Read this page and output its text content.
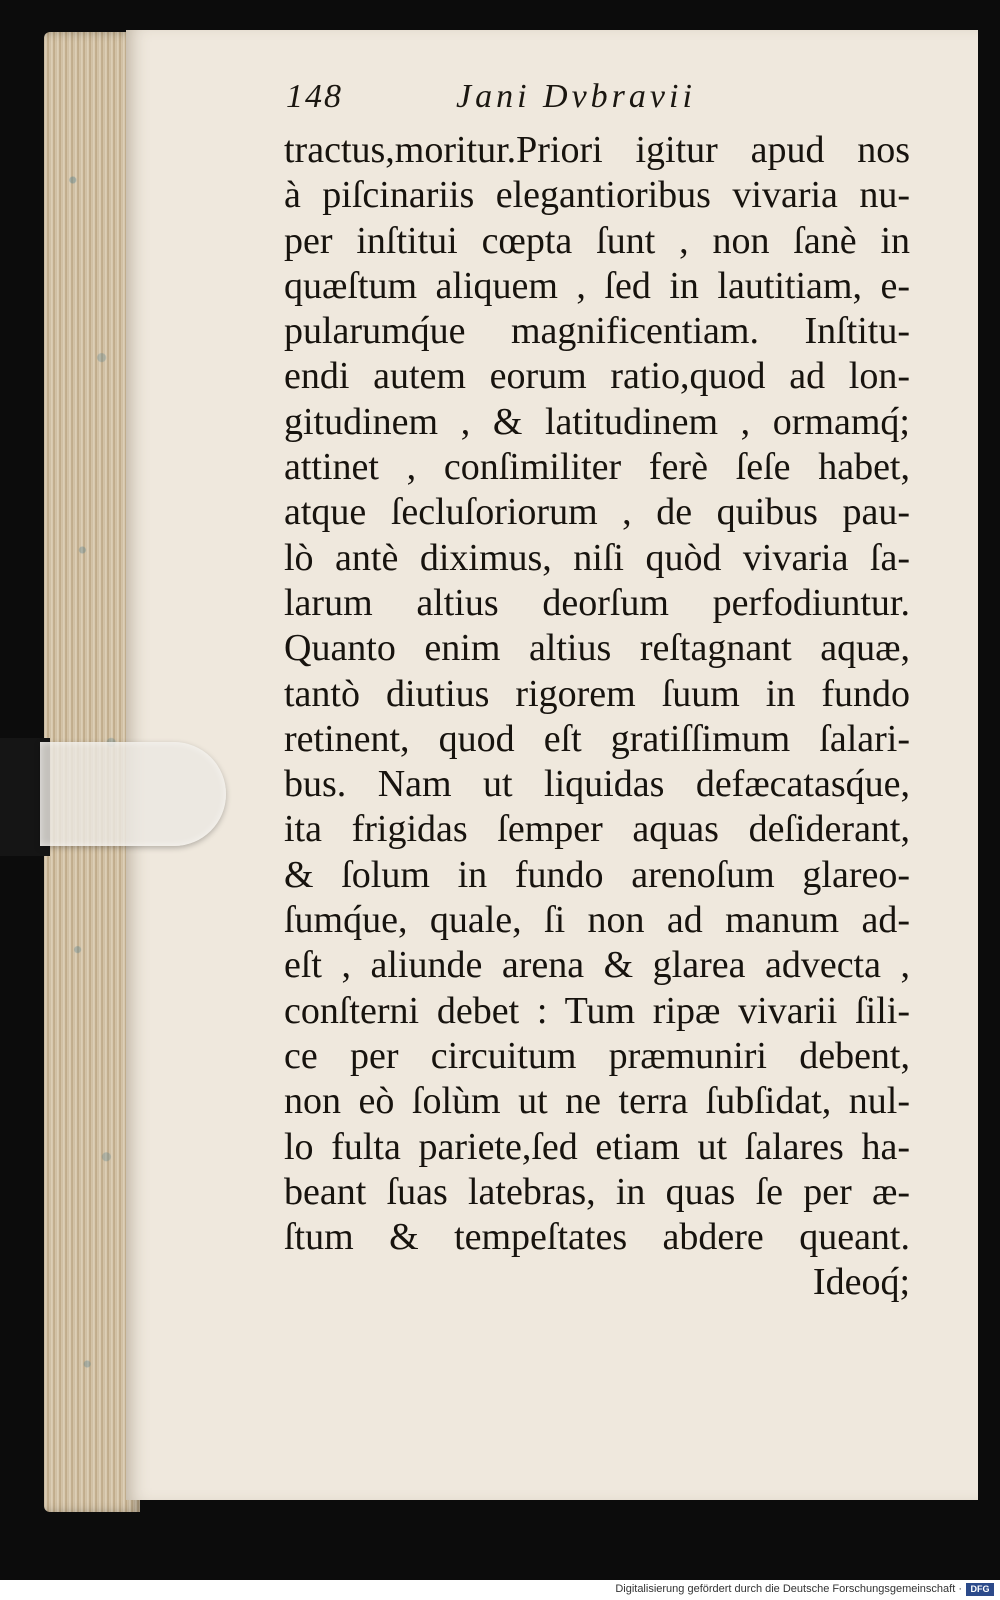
148	Jani Dvbravii
tractus,moritur.Priori igitur apud nos
à piſcinariis elegantioribus vivaria nu-
per inſtitui cœpta ſunt , non ſanè in
quæſtum aliquem , ſed in lautitiam, e-
pularumq́ue magnificentiam. Inſtitu-
endi autem eorum ratio,quod ad lon-
gitudinem , & latitudinem , ormamq́;
attinet , conſimiliter ferè ſeſe habet,
atque ſecluſoriorum , de quibus pau-
lò antè diximus, niſi quòd vivaria ſa-
larum altius deorſum perfodiuntur.
Quanto enim altius reſtagnant aquæ,
tantò diutius rigorem ſuum in fundo
retinent, quod eſt gratiſſimum ſalari-
bus. Nam ut liquidas defæcatasq́ue,
ita frigidas ſemper aquas deſiderant,
& ſolum in fundo arenoſum glareo-
ſumq́ue, quale, ſi non ad manum ad-
eſt , aliunde arena & glarea advecta ,
conſterni debet : Tum ripæ vivarii ſili-
ce per circuitum præmuniri debent,
non eò ſolùm ut ne terra ſubſidat, nul-
lo fulta pariete,ſed etiam ut ſalares ha-
beant ſuas latebras, in quas ſe per æ-
ſtum & tempeſtates abdere queant.
Ideoq́;
Digitalisierung gefördert durch die Deutsche Forschungsgemeinschaft · DFG
